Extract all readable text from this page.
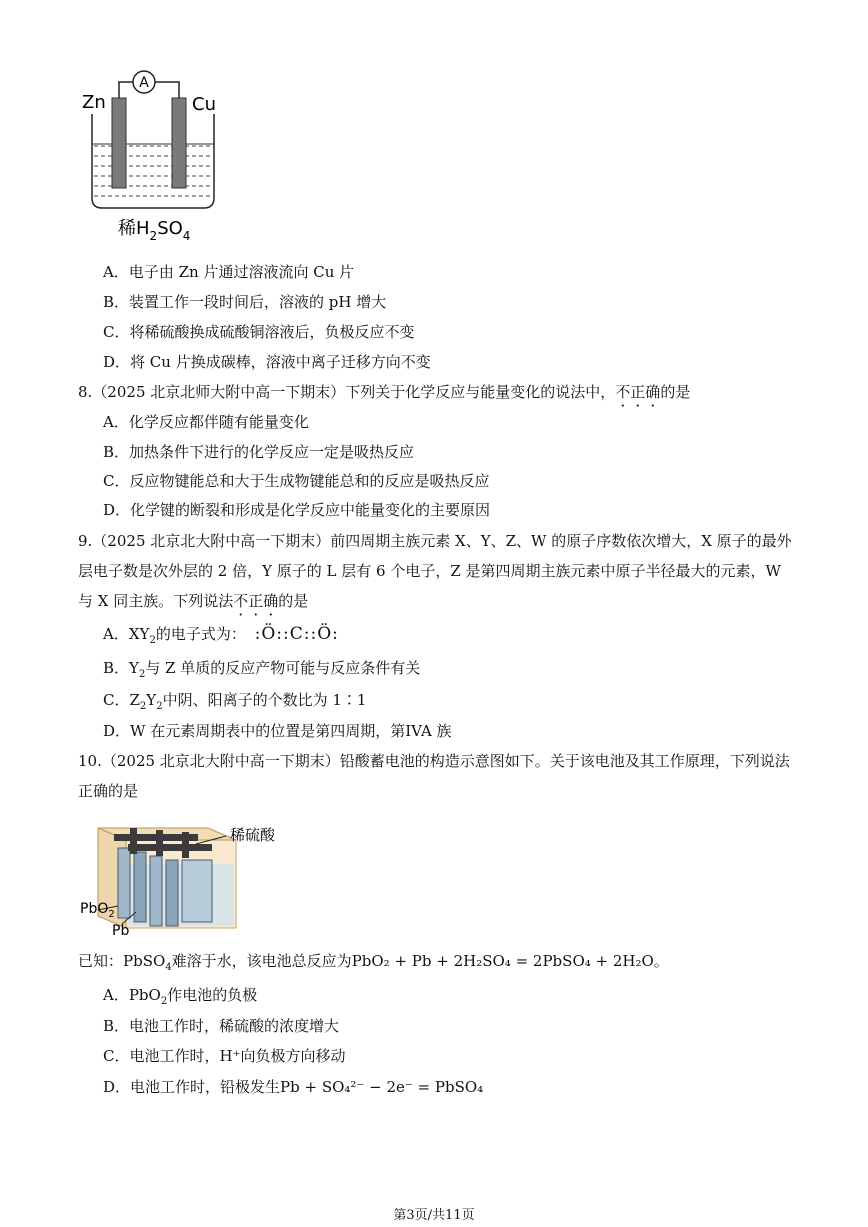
A
Zn	Cu
稀$H_2SO_4$
A．电子由 Zn 片通过溶液流向 Cu 片
B．装置工作一段时间后，溶液的 pH 增大
C．将稀硫酸换成硫酸铜溶液后，负极反应不变
D．将 Cu 片换成碳棒，溶液中离子迁移方向不变
8.（2025 北京北师大附中高一下期末）下列关于化学反应与能量变化的说法中，不正确的是
A．化学反应都伴随有能量变化
B．加热条件下进行的化学反应一定是吸热反应
C．反应物键能总和大于生成物键能总和的反应是吸热反应
D．化学键的断裂和形成是化学反应中能量变化的主要原因
9.（2025 北京北大附中高一下期末）前四周期主族元素 X、Y、Z、W 的原子序数依次增大，X 原子的最外
层电子数是次外层的 2 倍，Y 原子的 L 层有 6 个电子，Z 是第四周期主族元素中原子半径最大的元素，W
与 X 同主族。下列说法不正确的是
A．$XY_2$的电子式为： :Ö::C::Ö:
B．$Y_2$与 Z 单质的反应产物可能与反应条件有关
C．$Z_2Y_2$中阴、阳离子的个数比为 1∶1
D．W 在元素周期表中的位置是第四周期，第IVA 族
10.（2025 北京北大附中高一下期末）铅酸蓄电池的构造示意图如下。关于该电池及其工作原理，下列说法
正确的是
稀硫酸
PbO$_2$
Pb
已知：PbSO$_4$难溶于水，该电池总反应为PbO₂ + Pb + 2H₂SO₄ = 2PbSO₄ + 2H₂O。
A．PbO$_2$作电池的负极
B．电池工作时，稀硫酸的浓度增大
C．电池工作时，H⁺向负极方向移动
D．电池工作时，铅极发生Pb + SO₄²⁻ − 2e⁻ = PbSO₄
第3页/共11页
